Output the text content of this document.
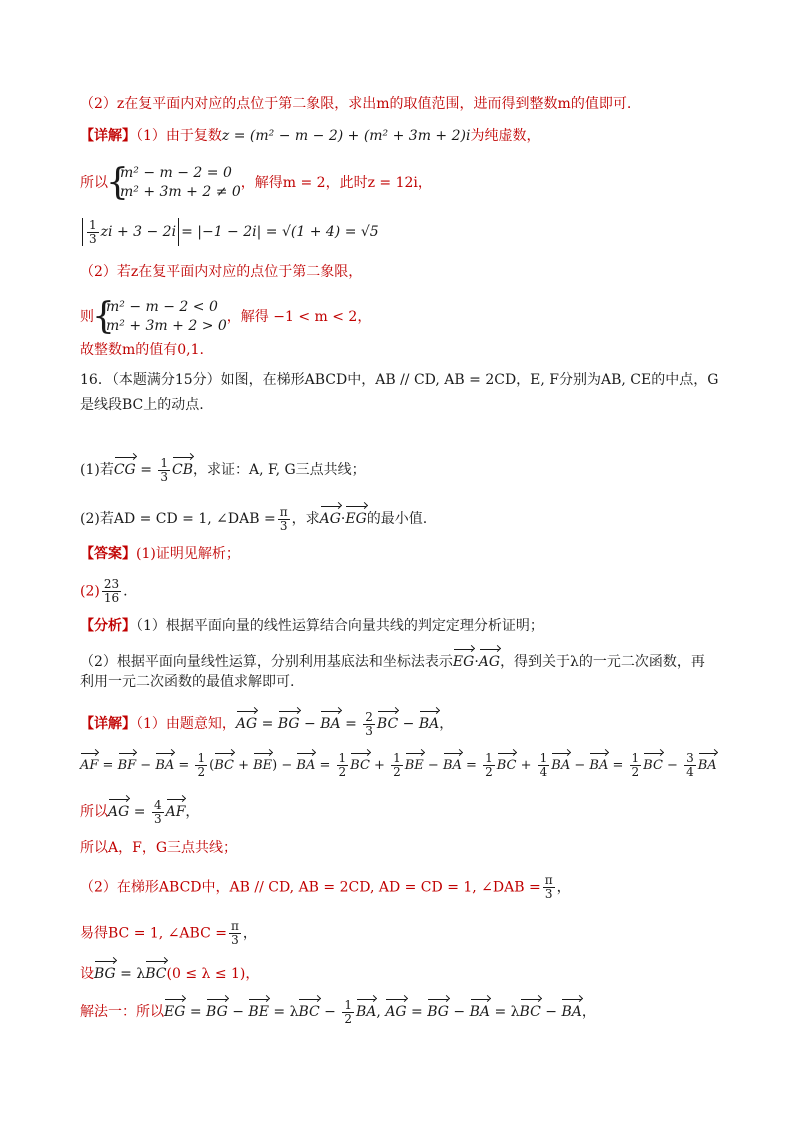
（2）z在复平面内对应的点位于第二象限，求出m的取值范围，进而得到整数m的值即可.
【详解】（1）由于复数z = (m² − m − 2) + (m² + 3m + 2)i为纯虚数，
所以
{ m² − m − 2 = 0
m² + 3m + 2 ≠ 0
，解得m = 2，此时z = 12i，
$\frac{1}{3}$ zi + 3 − 2i = |−1 − 2i| = √(1 + 4) = √5
（2）若z在复平面内对应的点位于第二象限，
则
{ m² − m − 2 < 0
m² + 3m + 2 > 0
，解得 −1 < m < 2，
故整数m的值有0,1.
16．（本题满分15分）如图，在梯形ABCD中，AB // CD, AB = 2CD，E, F分别为AB, CE的中点，G
是线段BC上的动点.
(1)若CG = $\frac{1}{3}$ CB，求证：A, F, G三点共线；
(2)若AD = CD = 1, ∠DAB = $\frac{\pi}{3}$ ，求AG·EG的最小值.
【答案】(1)证明见解析；
$(2) \frac{23}{16}$ .
【分析】（1）根据平面向量的线性运算结合向量共线的判定定理分析证明；
（2）根据平面向量线性运算，分别利用基底法和坐标法表示EG·AG，得到关于λ的一元二次函数，再
利用一元二次函数的最值求解即可.
【详解】（1）由题意知，AG = BG − BA = $\frac{2}{3}$ BC − BA，
AF = BF − BA = $\frac{1}{2} (BC + BE)$ − BA = $\frac{1}{2}$ BC + $\frac{1}{2}$ BE − BA = $\frac{1}{2}$ BC + $\frac{1}{4}$ BA − BA = $\frac{1}{2}$ BC − $\frac{3}{4}$ BA
所以AG = $\frac{4}{3}$ AF，
所以A，F，G三点共线；
（2）在梯形ABCD中，AB // CD, AB = 2CD, AD = CD = 1, ∠DAB = $\frac{\pi}{3}$ ，
易得BC = 1, ∠ABC = $\frac{\pi}{3}$ ，
设BG = λBC(0 ≤ λ ≤ 1)，
解法一：所以EG = BG − BE = $\lambda BC - \frac{1}{2}$ BA, AG = BG − BA = λBC − BA，
